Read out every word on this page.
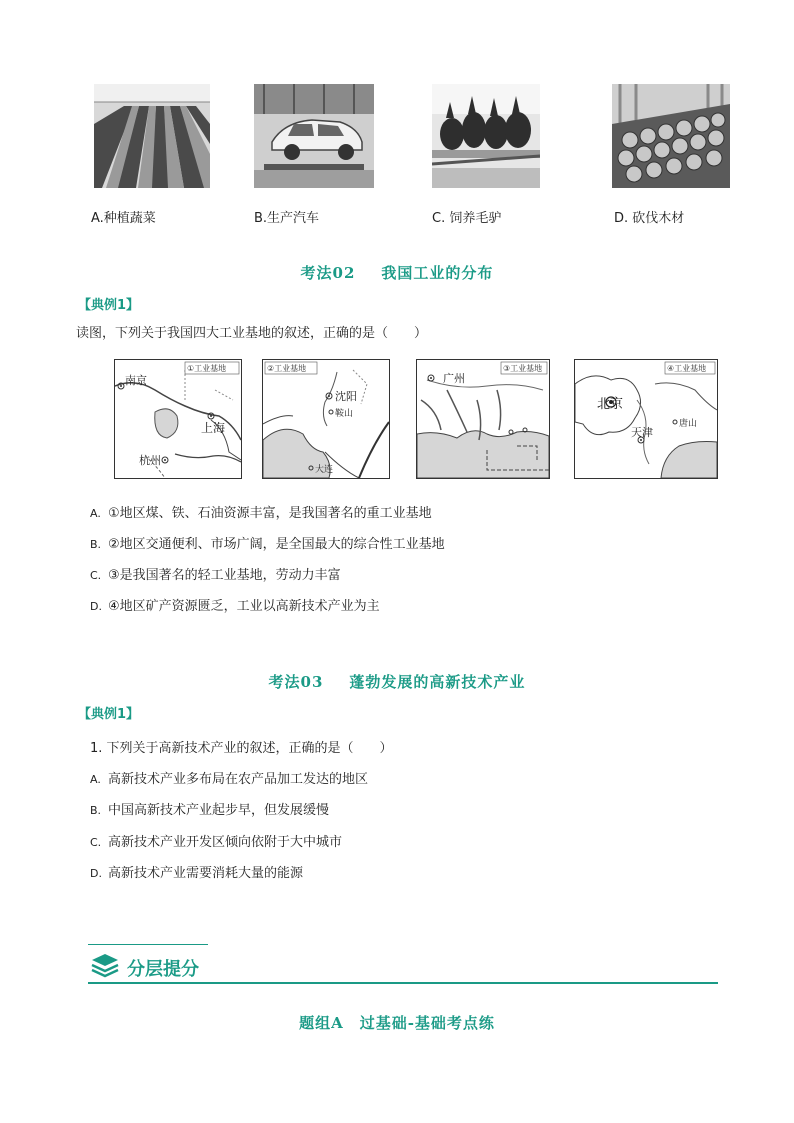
A.种植蔬菜	B.生产汽车	C. 饲养毛驴	D. 砍伐木材
考法02 我国工业的分布
【典例1】
读图，下列关于我国四大工业基地的叙述，正确的是（　　）
①工业基地
南京
上海
杭州
②工业基地
沈阳
鞍山
大连
③工业基地
广州
④工业基地
北京
天津
唐山
A. ①地区煤、铁、石油资源丰富，是我国著名的重工业基地
B. ②地区交通便利、市场广阔，是全国最大的综合性工业基地
C. ③是我国著名的轻工业基地，劳动力丰富
D. ④地区矿产资源匮乏，工业以高新技术产业为主
考法03 蓬勃发展的高新技术产业
【典例1】
1. 下列关于高新技术产业的叙述，正确的是（　　）
A. 高新技术产业多布局在农产品加工发达的地区
B. 中国高新技术产业起步早，但发展缓慢
C. 高新技术产业开发区倾向依附于大中城市
D. 高新技术产业需要消耗大量的能源
分层提分
题组A 过基础-基础考点练
